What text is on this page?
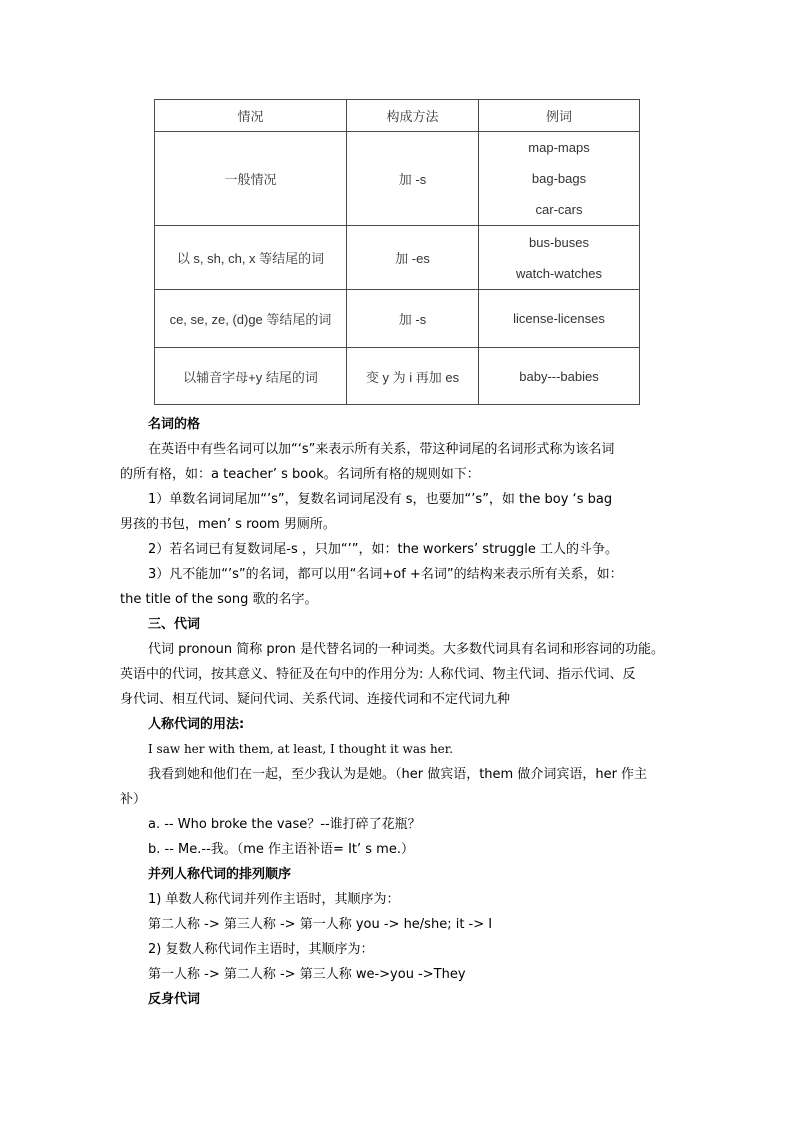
情况	构成方法	例词
一般情况	加 -s	map-maps
bag-bags
car-cars

以 s, sh, ch, x 等结尾的词	加 -es	bus-buses
watch-watches

ce, se, ze, (d)ge 等结尾的词	加 -s	license-licenses

以辅音字母+y 结尾的词	变 y 为 i 再加 es	baby---babies
名词的格
在英语中有些名词可以加“‘s”来表示所有关系，带这种词尾的名词形式称为该名词
的所有格，如：a teacher’ s book。名词所有格的规则如下：
1）单数名词词尾加“’s”，复数名词词尾没有 s，也要加“’s”，如 the boy ‘s bag
男孩的书包，men’ s room 男厕所。
2）若名词已有复数词尾-s ，只加“’”，如：the workers’ struggle 工人的斗争。
3）凡不能加“’s”的名词，都可以用“名词+of +名词”的结构来表示所有关系，如：
the title of the song 歌的名字。
三、代词
代词 pronoun 简称 pron 是代替名词的一种词类。大多数代词具有名词和形容词的功能。
英语中的代词，按其意义、特征及在句中的作用分为: 人称代词、物主代词、指示代词、反
身代词、相互代词、疑问代词、关系代词、连接代词和不定代词九种
人称代词的用法:
I saw her with them, at least, I thought it was her.
我看到她和他们在一起，至少我认为是她。（her 做宾语，them 做介词宾语，her 作主
补）
a. -- Who broke the vase？--谁打碎了花瓶？
b. -- Me.--我。（me 作主语补语= It’ s me.）
并列人称代词的排列顺序
1) 单数人称代词并列作主语时，其顺序为：
第二人称 -> 第三人称 -> 第一人称 you -> he/she; it -> I
2) 复数人称代词作主语时，其顺序为：
第一人称 -> 第二人称 -> 第三人称 we->you ->They
反身代词
